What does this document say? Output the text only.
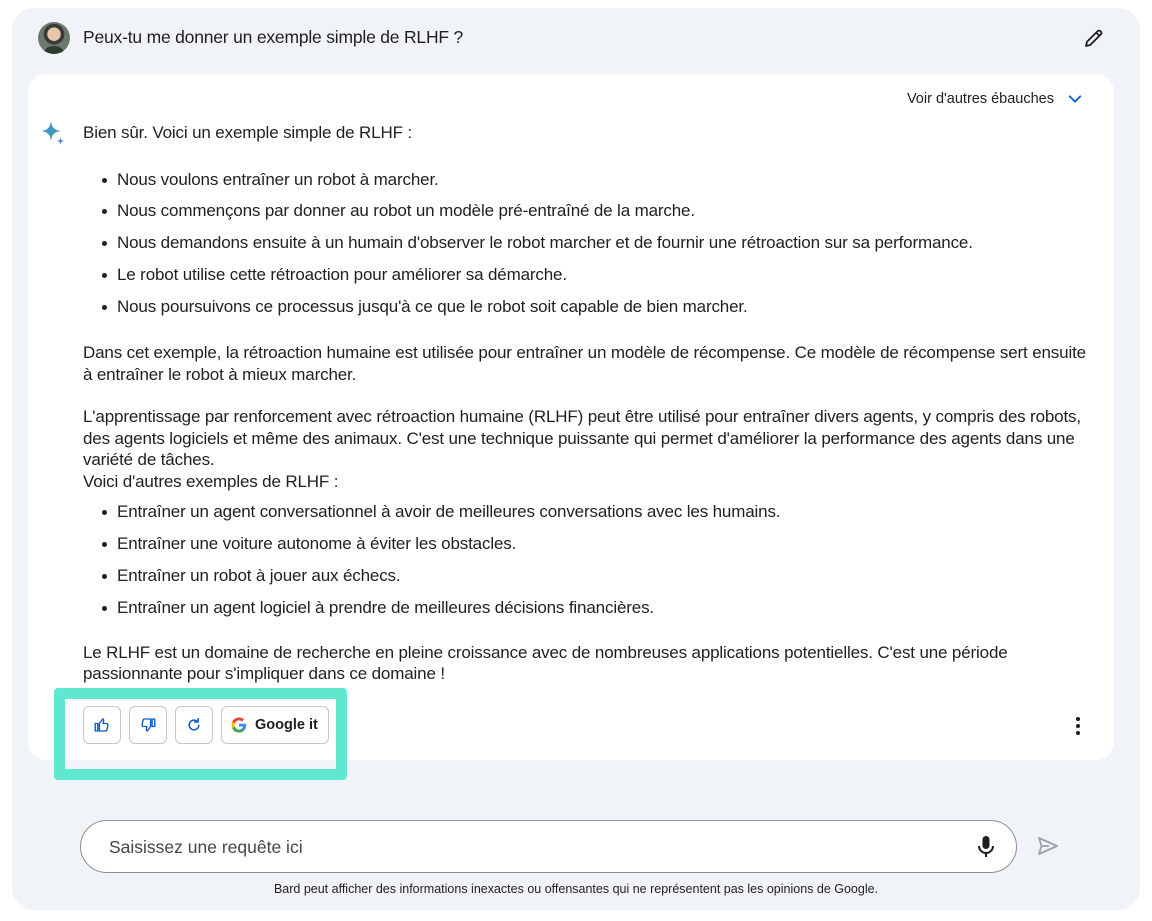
Peux-tu me donner un exemple simple de RLHF ?
Voir d'autres ébauches

Bien sûr. Voici un exemple simple de RLHF :

Nous voulons entraîner un robot à marcher.
Nous commençons par donner au robot un modèle pré-entraîné de la marche.
Nous demandons ensuite à un humain d'observer le robot marcher et de fournir une rétroaction sur sa performance.
Le robot utilise cette rétroaction pour améliorer sa démarche.
Nous poursuivons ce processus jusqu'à ce que le robot soit capable de bien marcher.

Dans cet exemple, la rétroaction humaine est utilisée pour entraîner un modèle de récompense. Ce modèle de récompense sert ensuite à entraîner le robot à mieux marcher.

L'apprentissage par renforcement avec rétroaction humaine (RLHF) peut être utilisé pour entraîner divers agents, y compris des robots, des agents logiciels et même des animaux. C'est une technique puissante qui permet d'améliorer la performance des agents dans une variété de tâches.

Voici d'autres exemples de RLHF :

Entraîner un agent conversationnel à avoir de meilleures conversations avec les humains.
Entraîner une voiture autonome à éviter les obstacles.
Entraîner un robot à jouer aux échecs.
Entraîner un agent logiciel à prendre de meilleures décisions financières.

Le RLHF est un domaine de recherche en pleine croissance avec de nombreuses applications potentielles. C'est une période passionnante pour s'impliquer dans ce domaine !

Google it
Saisissez une requête ici
Bard peut afficher des informations inexactes ou offensantes qui ne représentent pas les opinions de Google.
